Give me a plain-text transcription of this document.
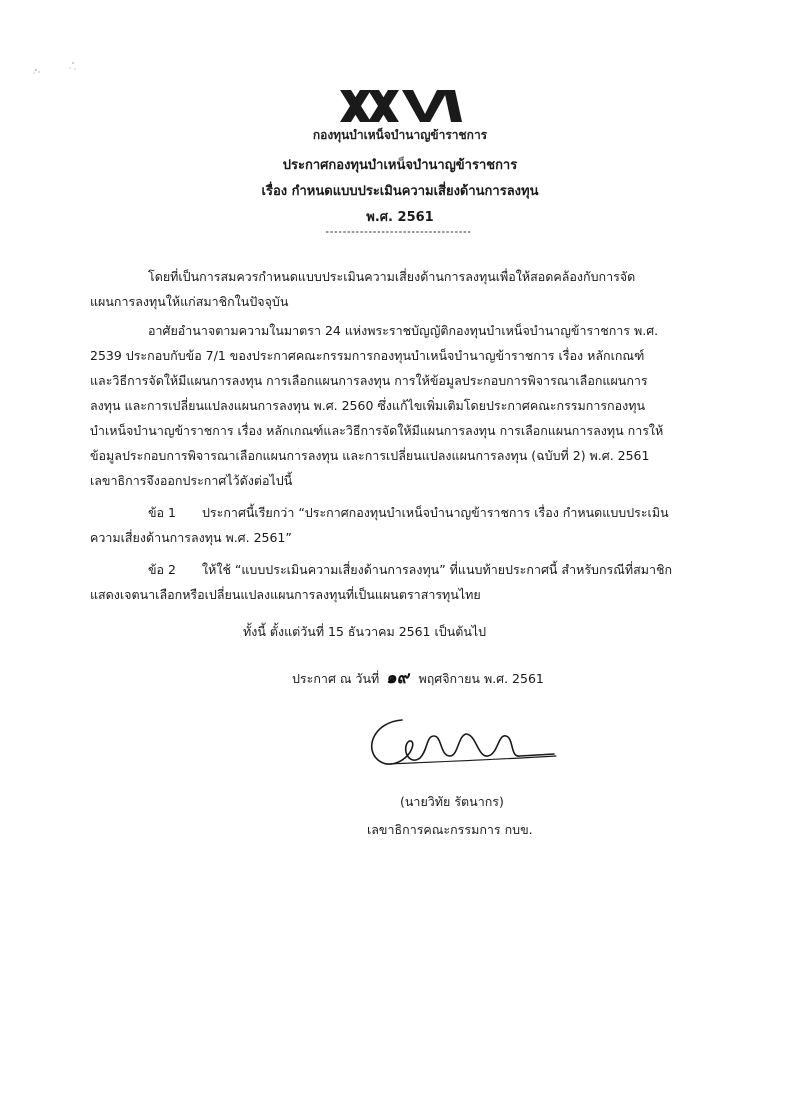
กองทุนบำเหน็จบำนาญข้าราชการ
ประกาศกองทุนบำเหน็จบำนาญข้าราชการ
เรื่อง กำหนดแบบประเมินความเสี่ยงด้านการลงทุน
พ.ศ. 2561
โดยที่เป็นการสมควรกำหนดแบบประเมินความเสี่ยงด้านการลงทุนเพื่อให้สอดคล้องกับการจัด
แผนการลงทุนให้แก่สมาชิกในปัจจุบัน
อาศัยอำนาจตามความในมาตรา 24 แห่งพระราชบัญญัติกองทุนบำเหน็จบำนาญข้าราชการ พ.ศ.
2539 ประกอบกับข้อ 7/1 ของประกาศคณะกรรมการกองทุนบำเหน็จบำนาญข้าราชการ เรื่อง หลักเกณฑ์
และวิธีการจัดให้มีแผนการลงทุน การเลือกแผนการลงทุน การให้ข้อมูลประกอบการพิจารณาเลือกแผนการ
ลงทุน และการเปลี่ยนแปลงแผนการลงทุน พ.ศ. 2560 ซึ่งแก้ไขเพิ่มเติมโดยประกาศคณะกรรมการกองทุน
บำเหน็จบำนาญข้าราชการ เรื่อง หลักเกณฑ์และวิธีการจัดให้มีแผนการลงทุน การเลือกแผนการลงทุน การให้
ข้อมูลประกอบการพิจารณาเลือกแผนการลงทุน และการเปลี่ยนแปลงแผนการลงทุน (ฉบับที่ 2) พ.ศ. 2561
เลขาธิการจึงออกประกาศไว้ดังต่อไปนี้
ข้อ 1 ประกาศนี้เรียกว่า “ประกาศกองทุนบำเหน็จบำนาญข้าราชการ เรื่อง กำหนดแบบประเมิน
ความเสี่ยงด้านการลงทุน พ.ศ. 2561”
ข้อ 2 ให้ใช้ “แบบประเมินความเสี่ยงด้านการลงทุน” ที่แนบท้ายประกาศนี้ สำหรับกรณีที่สมาชิก
แสดงเจตนาเลือกหรือเปลี่ยนแปลงแผนการลงทุนที่เป็นแผนตราสารทุนไทย
ทั้งนี้ ตั้งแต่วันที่ 15 ธันวาคม 2561 เป็นต้นไป
ประกาศ ณ วันที่ ๑๙ พฤศจิกายน พ.ศ. 2561
(นายวิทัย รัตนากร)
เลขาธิการคณะกรรมการ กบข.
